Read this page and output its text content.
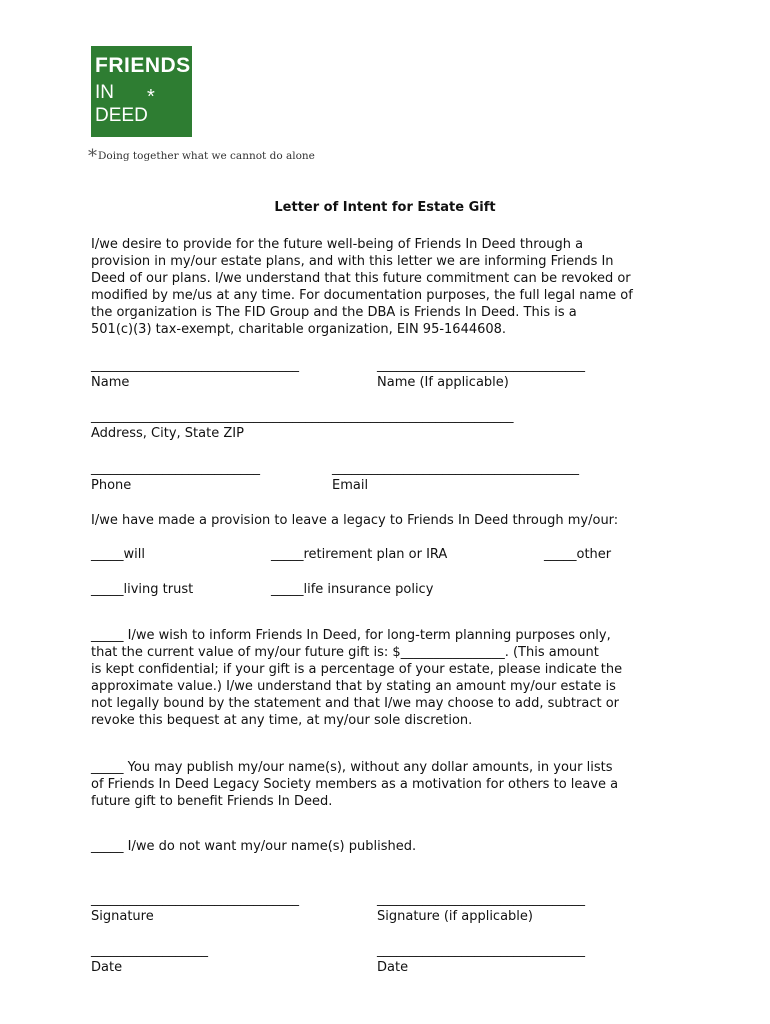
FRIENDS
IN
DEED
*
*Doing together what we cannot do alone
Letter of Intent for Estate Gift
I/we desire to provide for the future well-being of Friends In Deed through a
provision in my/our estate plans, and with this letter we are informing Friends In
Deed of our plans. I/we understand that this future commitment can be revoked or
modified by me/us at any time. For documentation purposes, the full legal name of
the organization is The FID Group and the DBA is Friends In Deed. This is a
501(c)(3) tax-exempt, charitable organization, EIN 95-1644608.
________________________________
Name
________________________________
Name (If applicable)
_________________________________________________________________
Address, City, State ZIP
__________________________
Phone
______________________________________
Email
I/we have made a provision to leave a legacy to Friends In Deed through my/our:
_____will	_____retirement plan or IRA	_____other
_____living trust	_____life insurance policy
_____ I/we wish to inform Friends In Deed, for long-term planning purposes only,
that the current value of my/our future gift is: $________________. (This amount
is kept confidential; if your gift is a percentage of your estate, please indicate the
approximate value.) I/we understand that by stating an amount my/our estate is
not legally bound by the statement and that I/we may choose to add, subtract or
revoke this bequest at any time, at my/our sole discretion.
_____ You may publish my/our name(s), without any dollar amounts, in your lists
of Friends In Deed Legacy Society members as a motivation for others to leave a
future gift to benefit Friends In Deed.
_____ I/we do not want my/our name(s) published.
________________________________
Signature
________________________________
Signature (if applicable)
__________________
Date
________________________________
Date
